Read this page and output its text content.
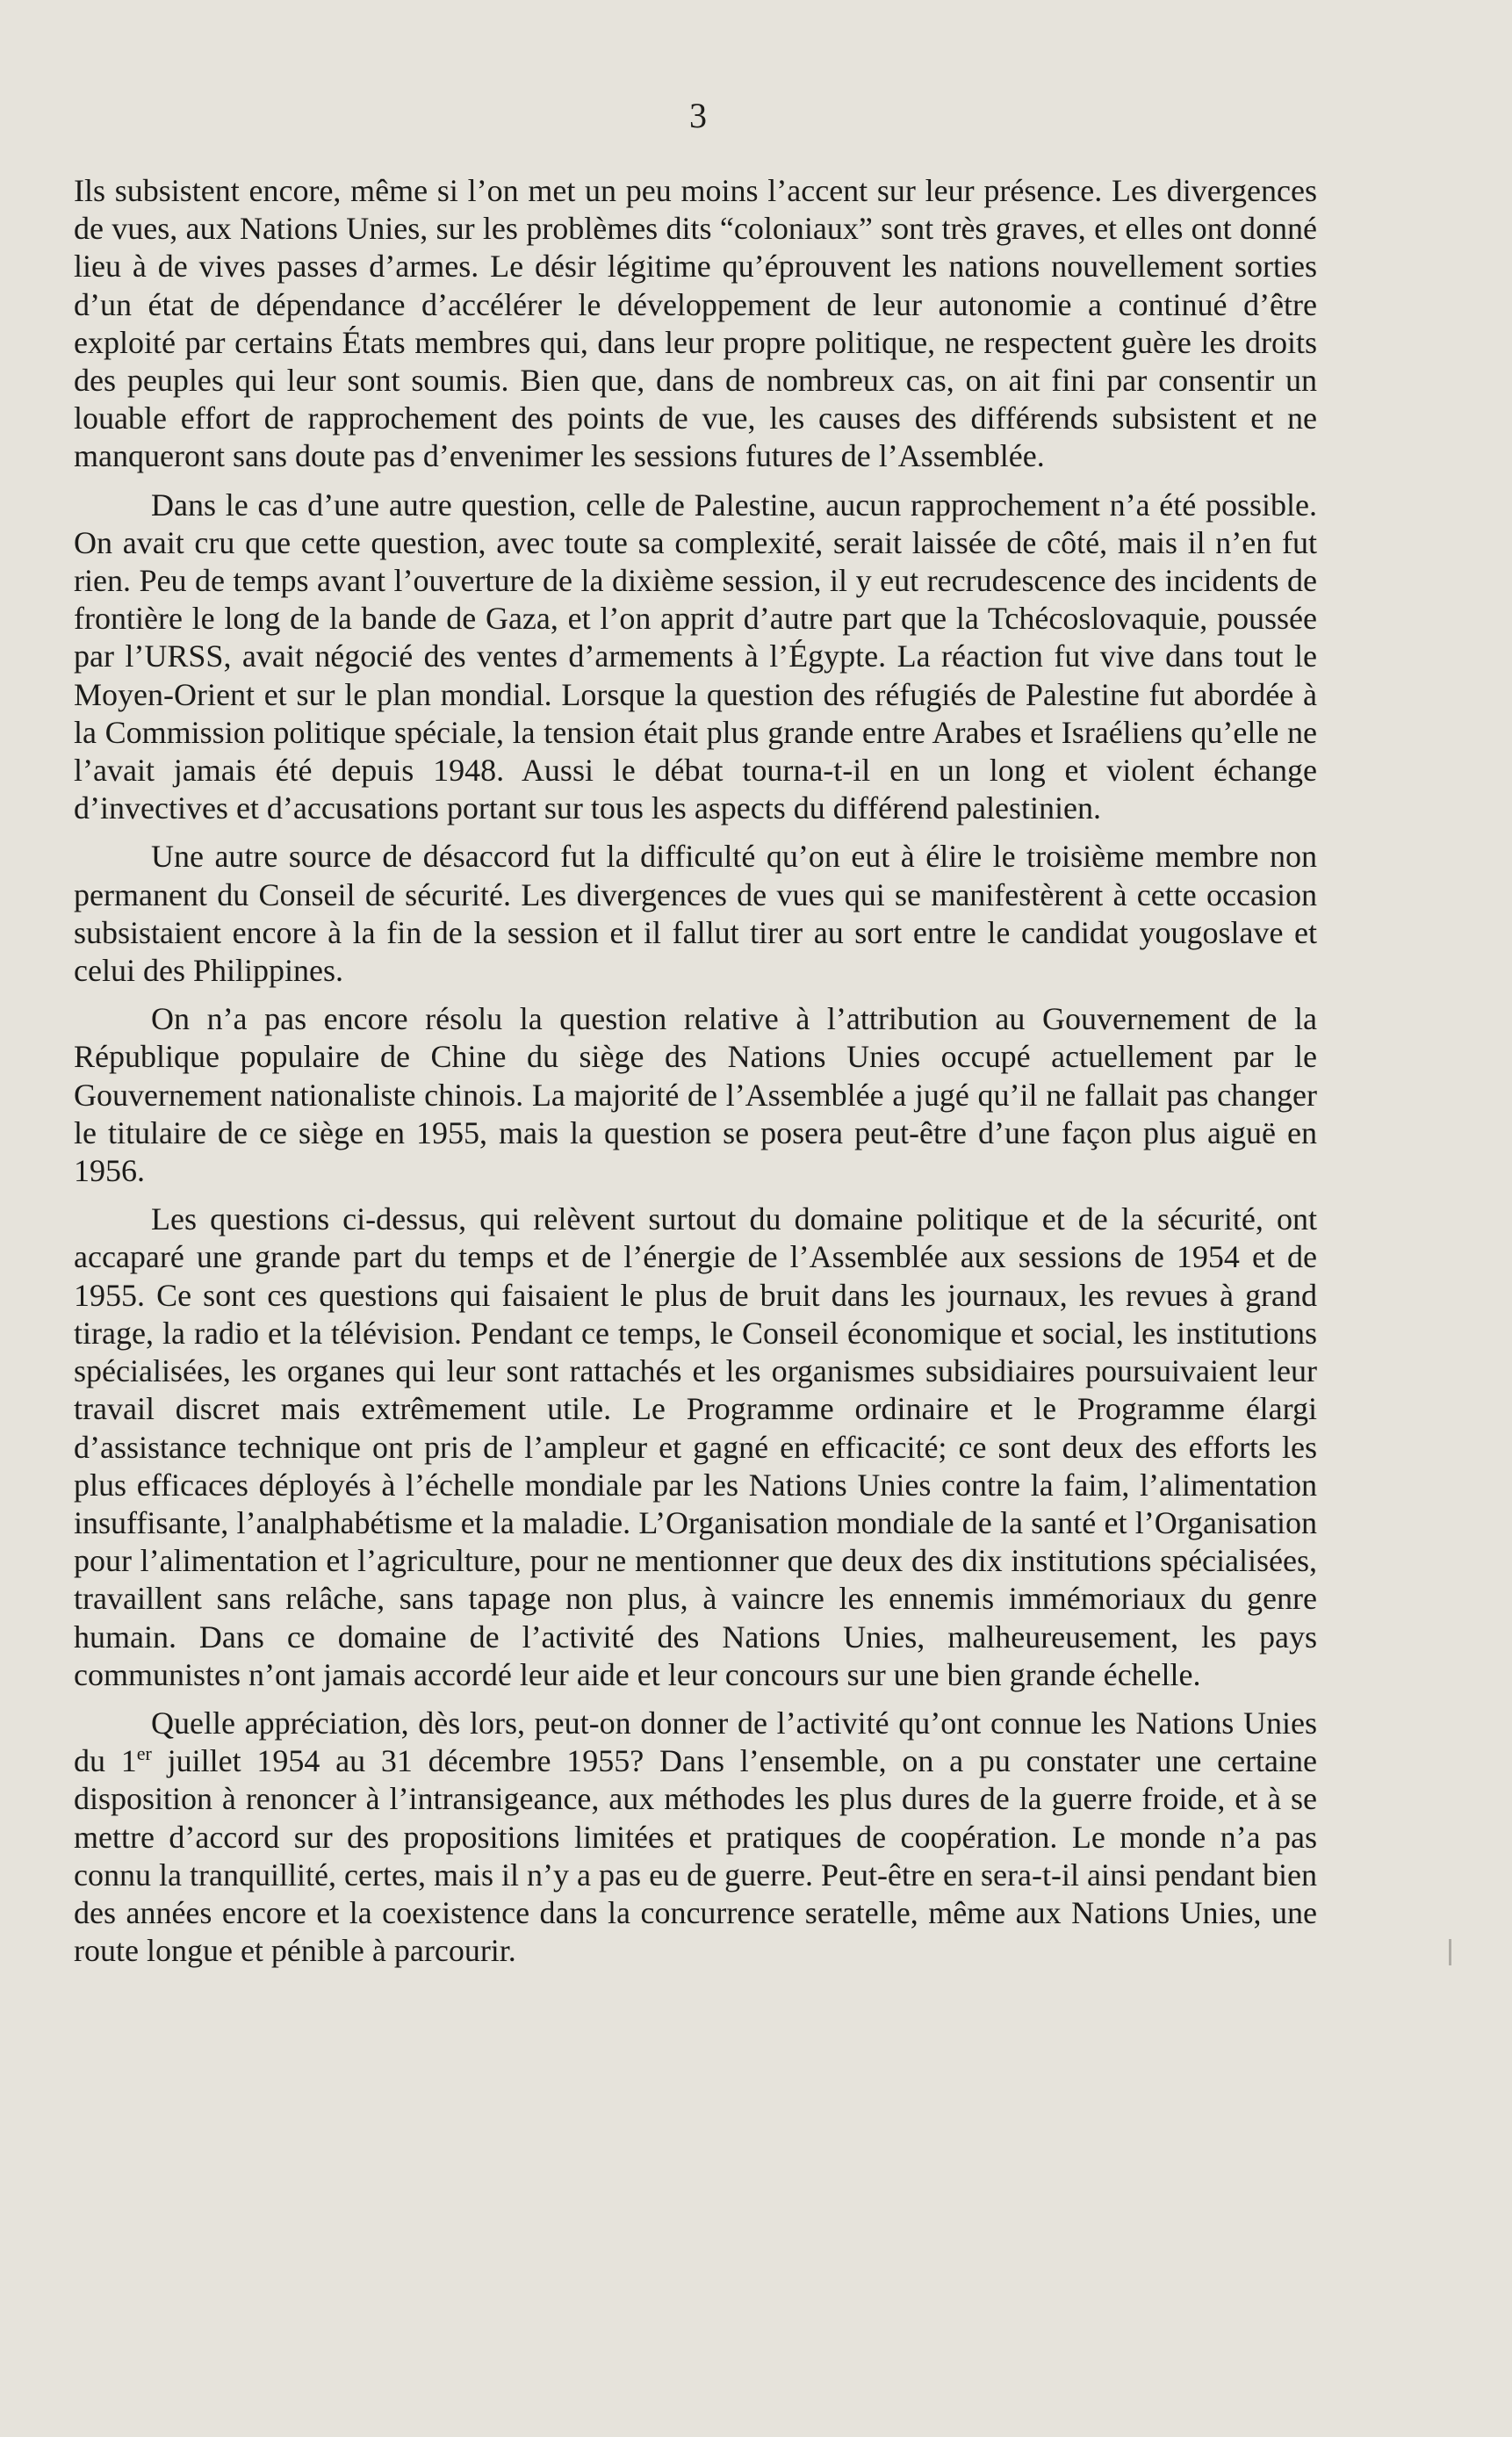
3

Ils subsistent encore, même si l’on met un peu moins l’accent sur leur présence. Les divergences de vues, aux Nations Unies, sur les problèmes dits “coloniaux” sont très graves, et elles ont donné lieu à de vives passes d’armes. Le désir légitime qu’éprouvent les nations nouvellement sorties d’un état de dépendance d’accélérer le développement de leur autonomie a continué d’être exploité par certains États membres qui, dans leur propre politique, ne respectent guère les droits des peuples qui leur sont soumis. Bien que, dans de nombreux cas, on ait fini par consentir un louable effort de rapprochement des points de vue, les causes des différends subsistent et ne manqueront sans doute pas d’envenimer les sessions futures de l’Assemblée.

Dans le cas d’une autre question, celle de Palestine, aucun rapprochement n’a été possible. On avait cru que cette question, avec toute sa complexité, serait laissée de côté, mais il n’en fut rien. Peu de temps avant l’ouverture de la dixième session, il y eut recrudescence des incidents de frontière le long de la bande de Gaza, et l’on apprit d’autre part que la Tchécoslovaquie, poussée par l’URSS, avait négocié des ventes d’armements à l’Égypte. La réaction fut vive dans tout le Moyen-Orient et sur le plan mondial. Lorsque la question des réfugiés de Palestine fut abordée à la Commission politique spéciale, la tension était plus grande entre Arabes et Israéliens qu’elle ne l’avait jamais été depuis 1948. Aussi le débat tourna-t-il en un long et violent échange d’invectives et d’accusations portant sur tous les aspects du différend palestinien.

Une autre source de désaccord fut la difficulté qu’on eut à élire le troisième membre non permanent du Conseil de sécurité. Les divergences de vues qui se manifestèrent à cette occasion subsistaient encore à la fin de la session et il fallut tirer au sort entre le candidat yougoslave et celui des Philippines.

On n’a pas encore résolu la question relative à l’attribution au Gouvernement de la République populaire de Chine du siège des Nations Unies occupé actuellement par le Gouvernement nationaliste chinois. La majorité de l’Assemblée a jugé qu’il ne fallait pas changer le titulaire de ce siège en 1955, mais la question se posera peut-être d’une façon plus aiguë en 1956.

Les questions ci-dessus, qui relèvent surtout du domaine politique et de la sécurité, ont accaparé une grande part du temps et de l’énergie de l’Assemblée aux sessions de 1954 et de 1955. Ce sont ces questions qui faisaient le plus de bruit dans les journaux, les revues à grand tirage, la radio et la télévision. Pendant ce temps, le Conseil économique et social, les institutions spécialisées, les organes qui leur sont rattachés et les organismes subsidiaires poursuivaient leur travail discret mais extrêmement utile. Le Programme ordinaire et le Programme élargi d’assistance technique ont pris de l’ampleur et gagné en efficacité; ce sont deux des efforts les plus efficaces déployés à l’échelle mondiale par les Nations Unies contre la faim, l’alimentation insuffisante, l’analphabétisme et la maladie. L’Organisation mondiale de la santé et l’Organisation pour l’alimentation et l’agriculture, pour ne mentionner que deux des dix institutions spécialisées, travaillent sans relâche, sans tapage non plus, à vaincre les ennemis immémoriaux du genre humain. Dans ce domaine de l’activité des Nations Unies, malheureusement, les pays communistes n’ont jamais accordé leur aide et leur concours sur une bien grande échelle.

Quelle appréciation, dès lors, peut-on donner de l’activité qu’ont connue les Nations Unies du 1er juillet 1954 au 31 décembre 1955? Dans l’ensemble, on a pu constater une certaine disposition à renoncer à l’intransigeance, aux méthodes les plus dures de la guerre froide, et à se mettre d’accord sur des propositions limitées et pratiques de coopération. Le monde n’a pas connu la tranquillité, certes, mais il n’y a pas eu de guerre. Peut-être en sera-t-il ainsi pendant bien des années encore et la coexistence dans la concurrence seratelle, même aux Nations Unies, une route longue et pénible à parcourir.
